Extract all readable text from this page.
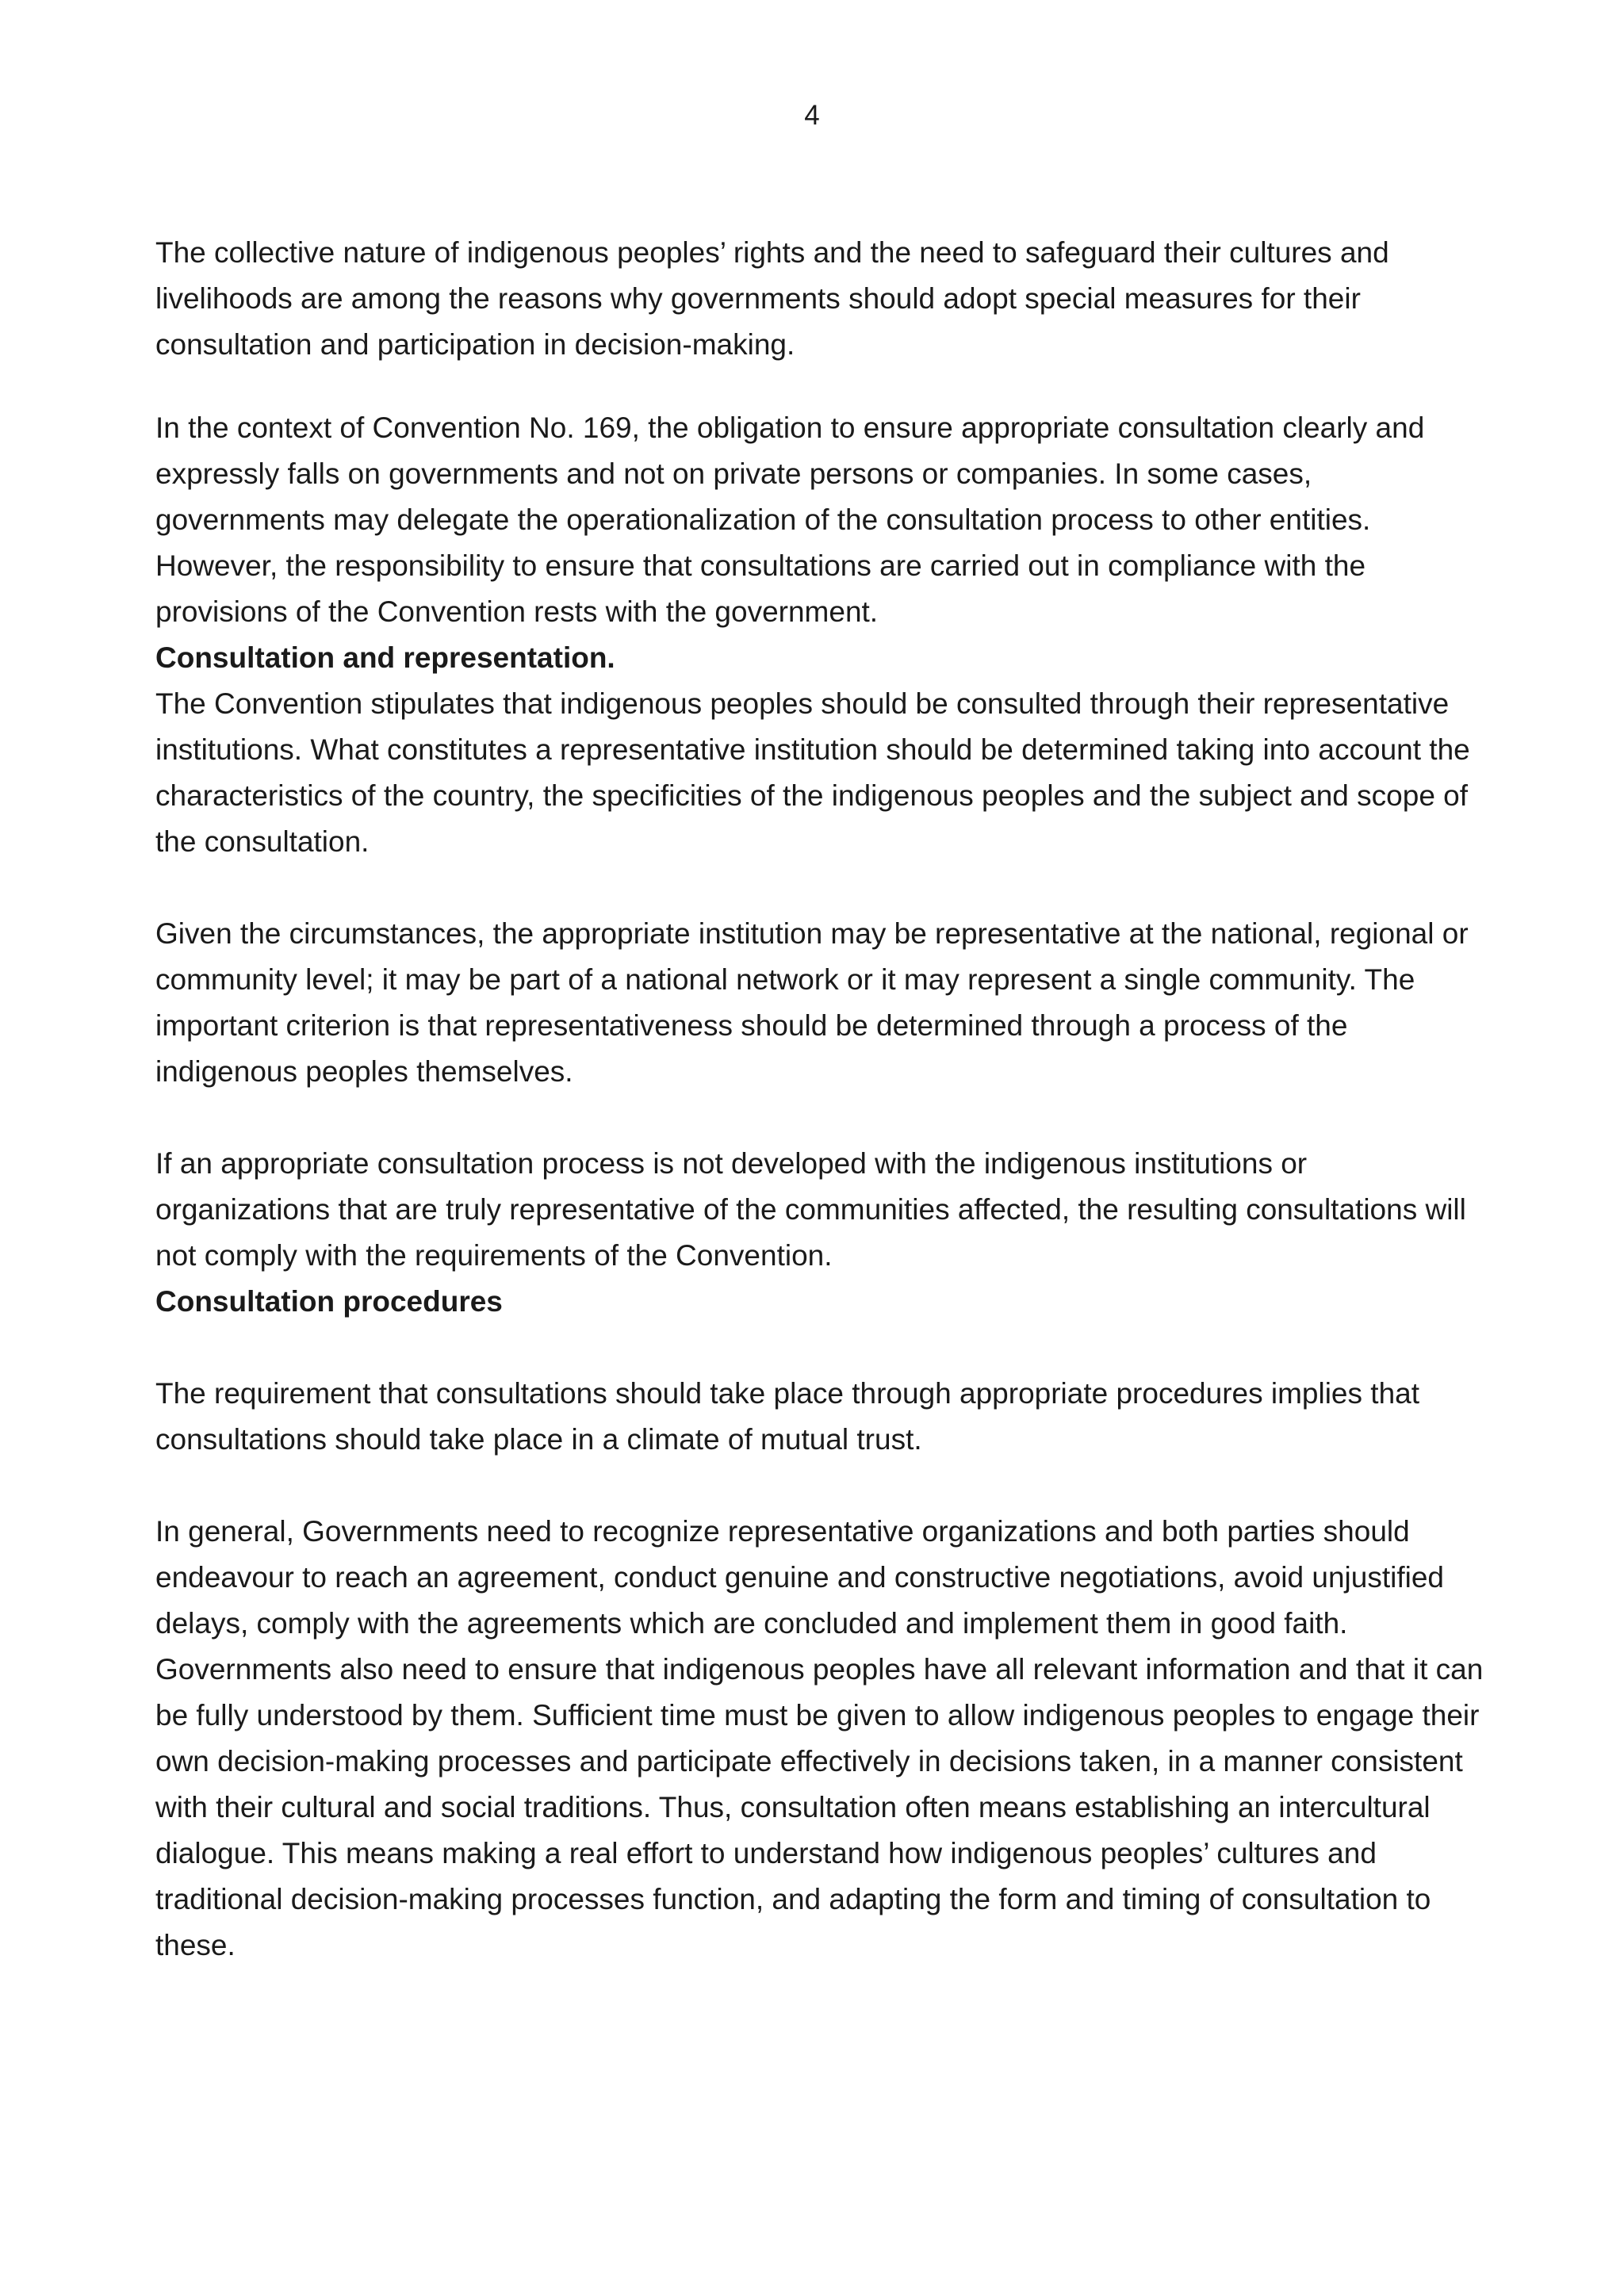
4

The collective nature of indigenous peoples’ rights and the need to safeguard their cultures and livelihoods are among the reasons why governments should adopt special measures for their consultation and participation in decision-making.

In the context of Convention No. 169, the obligation to ensure appropriate consultation clearly and expressly falls on governments and not on private persons or companies. In some cases, governments may delegate the operationalization of the consultation process to other entities. However, the responsibility to ensure that consultations are carried out in compliance with the provisions of the Convention rests with the government.

Consultation and representation.

The Convention stipulates that indigenous peoples should be consulted through their representative institutions. What constitutes a representative institution should be determined taking into account the characteristics of the country, the specificities of the indigenous peoples and the subject and scope of the consultation.

Given the circumstances, the appropriate institution may be representative at the national, regional or community level; it may be part of a national network or it may represent a single community. The important criterion is that representativeness should be determined through a process of the indigenous peoples themselves.

If an appropriate consultation process is not developed with the indigenous institutions or organizations that are truly representative of the communities affected, the resulting consultations will not comply with the requirements of the Convention.

Consultation procedures

The requirement that consultations should take place through appropriate procedures implies that consultations should take place in a climate of mutual trust.

In general, Governments need to recognize representative organizations and both parties should endeavour to reach an agreement, conduct genuine and constructive negotiations, avoid unjustified delays, comply with the agreements which are concluded and implement them in good faith. Governments also need to ensure that indigenous peoples have all relevant information and that it can be fully understood by them. Sufficient time must be given to allow indigenous peoples to engage their own decision-making processes and participate effectively in decisions taken, in a manner consistent with their cultural and social traditions. Thus, consultation often means establishing an intercultural dialogue. This means making a real effort to understand how indigenous peoples’ cultures and traditional decision-making processes function, and adapting the form and timing of consultation to these.
